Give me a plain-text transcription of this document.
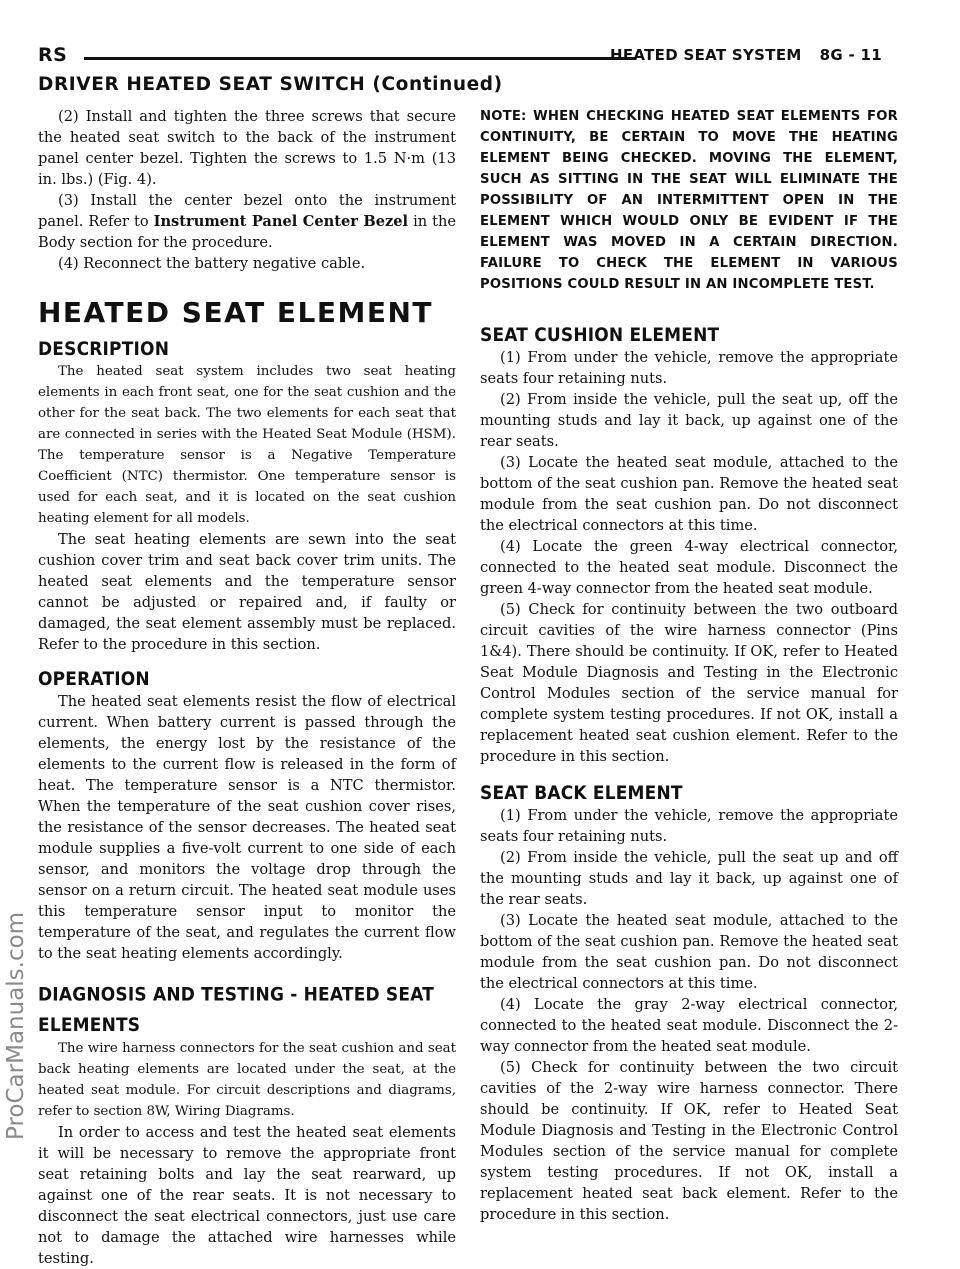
RS	HEATED SEAT SYSTEM 8G - 11
DRIVER HEATED SEAT SWITCH (Continued)
ProCarManuals.com

(2) Install and tighten the three screws that secure the heated seat switch to the back of the instrument panel center bezel. Tighten the screws to 1.5 N·m (13 in. lbs.) (Fig. 4).

(3) Install the center bezel onto the instrument panel. Refer to Instrument Panel Center Bezel in the Body section for the procedure.

(4) Reconnect the battery negative cable.

HEATED SEAT ELEMENT
DESCRIPTION

The heated seat system includes two seat heating elements in each front seat, one for the seat cushion and the other for the seat back. The two elements for each seat that are connected in series with the Heated Seat Module (HSM). The temperature sensor is a Negative Temperature Coefficient (NTC) thermistor. One temperature sensor is used for each seat, and it is located on the seat cushion heating element for all models.

The seat heating elements are sewn into the seat cushion cover trim and seat back cover trim units. The heated seat elements and the temperature sensor cannot be adjusted or repaired and, if faulty or damaged, the seat element assembly must be replaced. Refer to the procedure in this section.

OPERATION

The heated seat elements resist the flow of electrical current. When battery current is passed through the elements, the energy lost by the resistance of the elements to the current flow is released in the form of heat. The temperature sensor is a NTC thermistor. When the temperature of the seat cushion cover rises, the resistance of the sensor decreases. The heated seat module supplies a five-volt current to one side of each sensor, and monitors the voltage drop through the sensor on a return circuit. The heated seat module uses this temperature sensor input to monitor the temperature of the seat, and regulates the current flow to the seat heating elements accordingly.

DIAGNOSIS AND TESTING - HEATED SEAT ELEMENTS

The wire harness connectors for the seat cushion and seat back heating elements are located under the seat, at the heated seat module. For circuit descriptions and diagrams, refer to section 8W, Wiring Diagrams.

In order to access and test the heated seat elements it will be necessary to remove the appropriate front seat retaining bolts and lay the seat rearward, up against one of the rear seats. It is not necessary to disconnect the seat electrical connectors, just use care not to damage the attached wire harnesses while testing.

NOTE: WHEN CHECKING HEATED SEAT ELEMENTS FOR CONTINUITY, BE CERTAIN TO MOVE THE HEATING ELEMENT BEING CHECKED. MOVING THE ELEMENT, SUCH AS SITTING IN THE SEAT WILL ELIMINATE THE POSSIBILITY OF AN INTERMITTENT OPEN IN THE ELEMENT WHICH WOULD ONLY BE EVIDENT IF THE ELEMENT WAS MOVED IN A CERTAIN DIRECTION. FAILURE TO CHECK THE ELEMENT IN VARIOUS POSITIONS COULD RESULT IN AN INCOMPLETE TEST.

SEAT CUSHION ELEMENT

(1) From under the vehicle, remove the appropriate seats four retaining nuts.

(2) From inside the vehicle, pull the seat up, off the mounting studs and lay it back, up against one of the rear seats.

(3) Locate the heated seat module, attached to the bottom of the seat cushion pan. Remove the heated seat module from the seat cushion pan. Do not disconnect the electrical connectors at this time.

(4) Locate the green 4-way electrical connector, connected to the heated seat module. Disconnect the green 4-way connector from the heated seat module.

(5) Check for continuity between the two outboard circuit cavities of the wire harness connector (Pins 1&4). There should be continuity. If OK, refer to Heated Seat Module Diagnosis and Testing in the Electronic Control Modules section of the service manual for complete system testing procedures. If not OK, install a replacement heated seat cushion element. Refer to the procedure in this section.

SEAT BACK ELEMENT

(1) From under the vehicle, remove the appropriate seats four retaining nuts.

(2) From inside the vehicle, pull the seat up and off the mounting studs and lay it back, up against one of the rear seats.

(3) Locate the heated seat module, attached to the bottom of the seat cushion pan. Remove the heated seat module from the seat cushion pan. Do not disconnect the electrical connectors at this time.

(4) Locate the gray 2-way electrical connector, connected to the heated seat module. Disconnect the 2-way connector from the heated seat module.

(5) Check for continuity between the two circuit cavities of the 2-way wire harness connector. There should be continuity. If OK, refer to Heated Seat Module Diagnosis and Testing in the Electronic Control Modules section of the service manual for complete system testing procedures. If not OK, install a replacement heated seat back element. Refer to the procedure in this section.
